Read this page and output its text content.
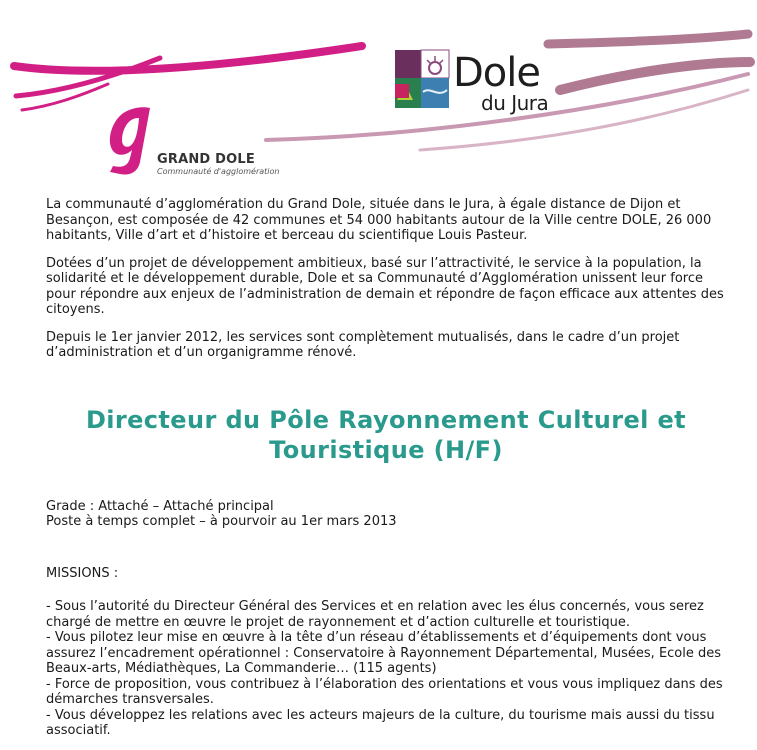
GRAND DOLE
Communauté d'agglomération
Dole
du Jura

La communauté d’agglomération du Grand Dole, située dans le Jura, à égale distance de Dijon et Besançon, est composée de 42 communes et 54 000 habitants autour de la Ville centre DOLE, 26 000 habitants, Ville d’art et d’histoire et berceau du scientifique Louis Pasteur.

Dotées d’un projet de développement ambitieux, basé sur l’attractivité, le service à la population, la solidarité et le développement durable, Dole et sa Communauté d’Agglomération unissent leur force pour répondre aux enjeux de l’administration de demain et répondre de façon efficace aux attentes des citoyens.

Depuis le 1er janvier 2012, les services sont complètement mutualisés, dans le cadre d’un projet d’administration et d’un organigramme rénové.

Directeur du Pôle Rayonnement Culturel et Touristique (H/F)
Grade : Attaché – Attaché principal
Poste à temps complet – à pourvoir au 1er mars 2013
MISSIONS :
- Sous l’autorité du Directeur Général des Services et en relation avec les élus concernés, vous serez chargé de mettre en œuvre le projet de rayonnement et d’action culturelle et touristique.
- Vous pilotez leur mise en œuvre à la tête d’un réseau d’établissements et d’équipements dont vous assurez l’encadrement opérationnel : Conservatoire à Rayonnement Départemental, Musées, Ecole des Beaux-arts, Médiathèques, La Commanderie… (115 agents)
- Force de proposition, vous contribuez à l’élaboration des orientations et vous vous impliquez dans des démarches transversales.
- Vous développez les relations avec les acteurs majeurs de la culture, du tourisme mais aussi du tissu associatif.
